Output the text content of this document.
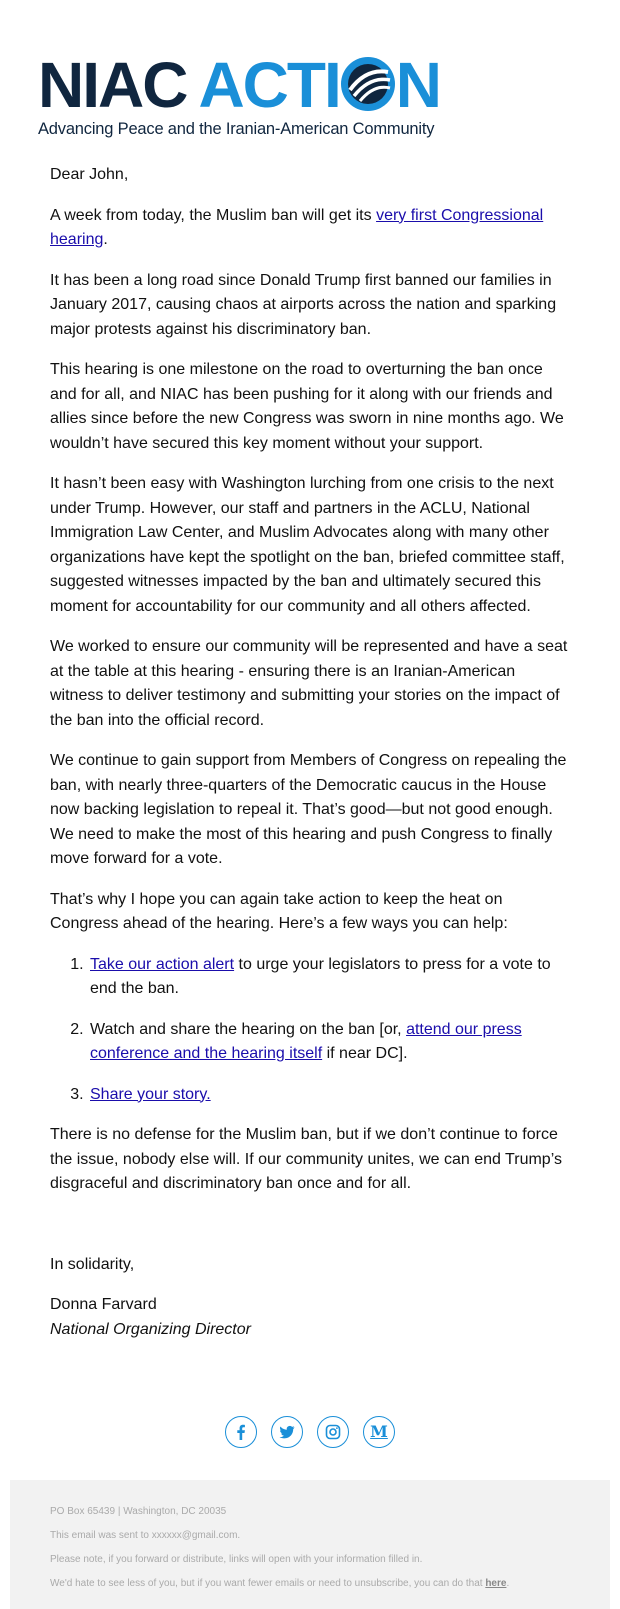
NIAC ACTI N
Advancing Peace and the Iranian-American Community

Dear John,

A week from today, the Muslim ban will get its very first Congressional hearing.

It has been a long road since Donald Trump first banned our families in January 2017, causing chaos at airports across the nation and sparking major protests against his discriminatory ban.

This hearing is one milestone on the road to overturning the ban once and for all, and NIAC has been pushing for it along with our friends and allies since before the new Congress was sworn in nine months ago. We wouldn’t have secured this key moment without your support.

It hasn’t been easy with Washington lurching from one crisis to the next under Trump. However, our staff and partners in the ACLU, National Immigration Law Center, and Muslim Advocates along with many other organizations have kept the spotlight on the ban, briefed committee staff, suggested witnesses impacted by the ban and ultimately secured this moment for accountability for our community and all others affected.

We worked to ensure our community will be represented and have a seat at the table at this hearing - ensuring there is an Iranian-American witness to deliver testimony and submitting your stories on the impact of the ban into the official record.

We continue to gain support from Members of Congress on repealing the ban, with nearly three-quarters of the Democratic caucus in the House now backing legislation to repeal it. That’s good—but not good enough. We need to make the most of this hearing and push Congress to finally move forward for a vote.

That’s why I hope you can again take action to keep the heat on Congress ahead of the hearing. Here’s a few ways you can help:

1. Take our action alert to urge your legislators to press for a vote to end the ban.
2. Watch and share the hearing on the ban [or, attend our press conference and the hearing itself if near DC].
3. Share your story.

There is no defense for the Muslim ban, but if we don’t continue to force the issue, nobody else will. If our community unites, we can end Trump’s disgraceful and discriminatory ban once and for all.

In solidarity,

Donna Farvard
National Organizing Director

M

PO Box 65439 | Washington, DC 20035

This email was sent to xxxxxx@gmail.com.

Please note, if you forward or distribute, links will open with your information filled in.

We'd hate to see less of you, but if you want fewer emails or need to unsubscribe, you can do that here.
